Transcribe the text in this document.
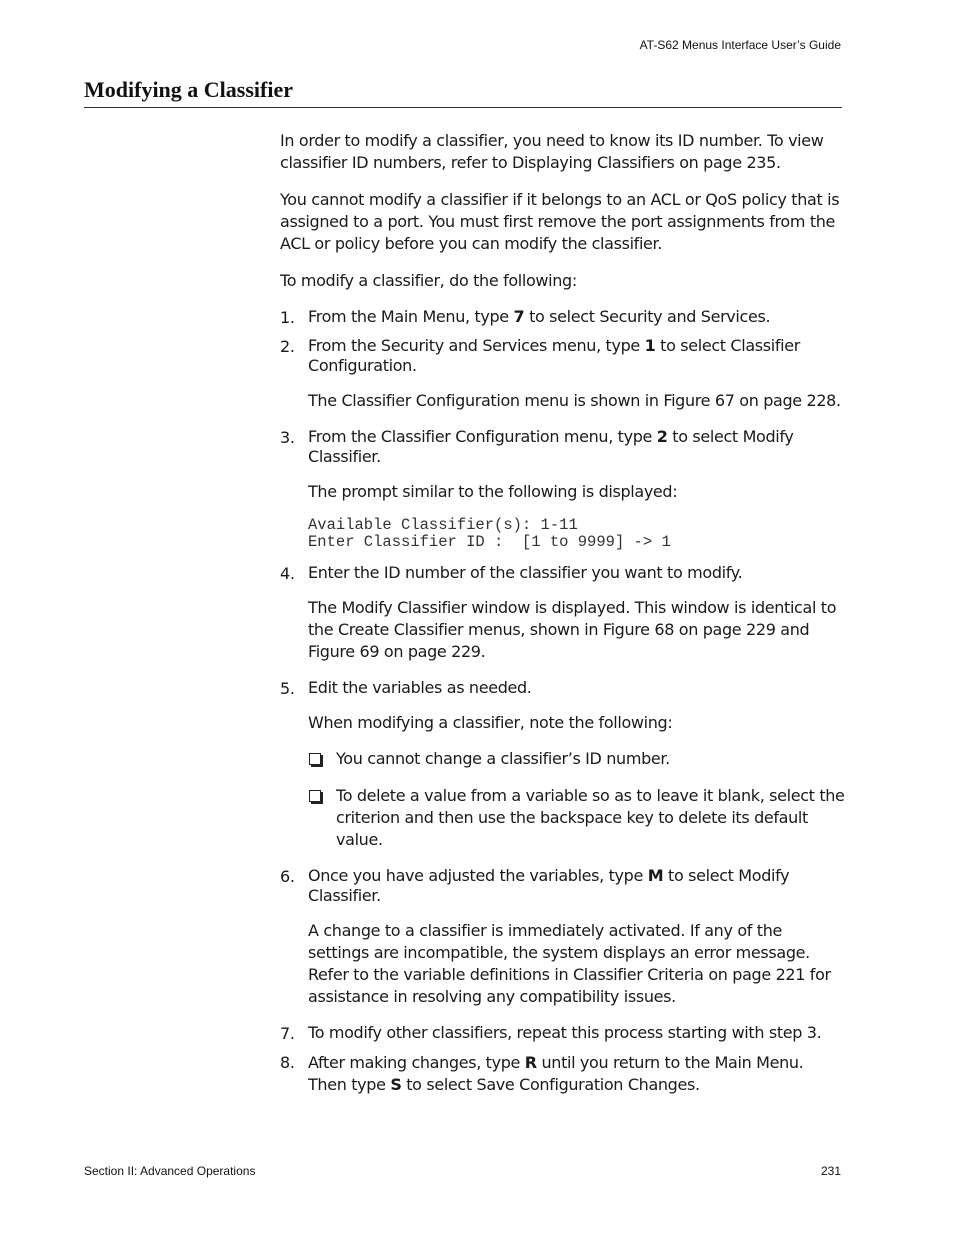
AT-S62 Menus Interface User’s Guide
Modifying a Classifier

In order to modify a classifier, you need to know its ID number. To view classifier ID numbers, refer to Displaying Classifiers on page 235.

You cannot modify a classifier if it belongs to an ACL or QoS policy that is assigned to a port. You must first remove the port assignments from the ACL or policy before you can modify the classifier.

To modify a classifier, do the following:

1. From the Main Menu, type 7 to select Security and Services.

2. From the Security and Services menu, type 1 to select Classifier Configuration.

The Classifier Configuration menu is shown in Figure 67 on page 228.

3. From the Classifier Configuration menu, type 2 to select Modify Classifier.

The prompt similar to the following is displayed:

Available Classifier(s): 1-11
Enter Classifier ID :  [1 to 9999] -> 1
4. Enter the ID number of the classifier you want to modify.

The Modify Classifier window is displayed. This window is identical to the Create Classifier menus, shown in Figure 68 on page 229 and Figure 69 on page 229.

5. Edit the variables as needed.

When modifying a classifier, note the following:

You cannot change a classifier’s ID number.
To delete a value from a variable so as to leave it blank, select the criterion and then use the backspace key to delete its default value.
6. Once you have adjusted the variables, type M to select Modify Classifier.

A change to a classifier is immediately activated. If any of the settings are incompatible, the system displays an error message. Refer to the variable definitions in Classifier Criteria on page 221 for assistance in resolving any compatibility issues.

7. To modify other classifiers, repeat this process starting with step 3.

8. After making changes, type R until you return to the Main Menu. Then type S to select Save Configuration Changes.

Section II: Advanced Operations	231
